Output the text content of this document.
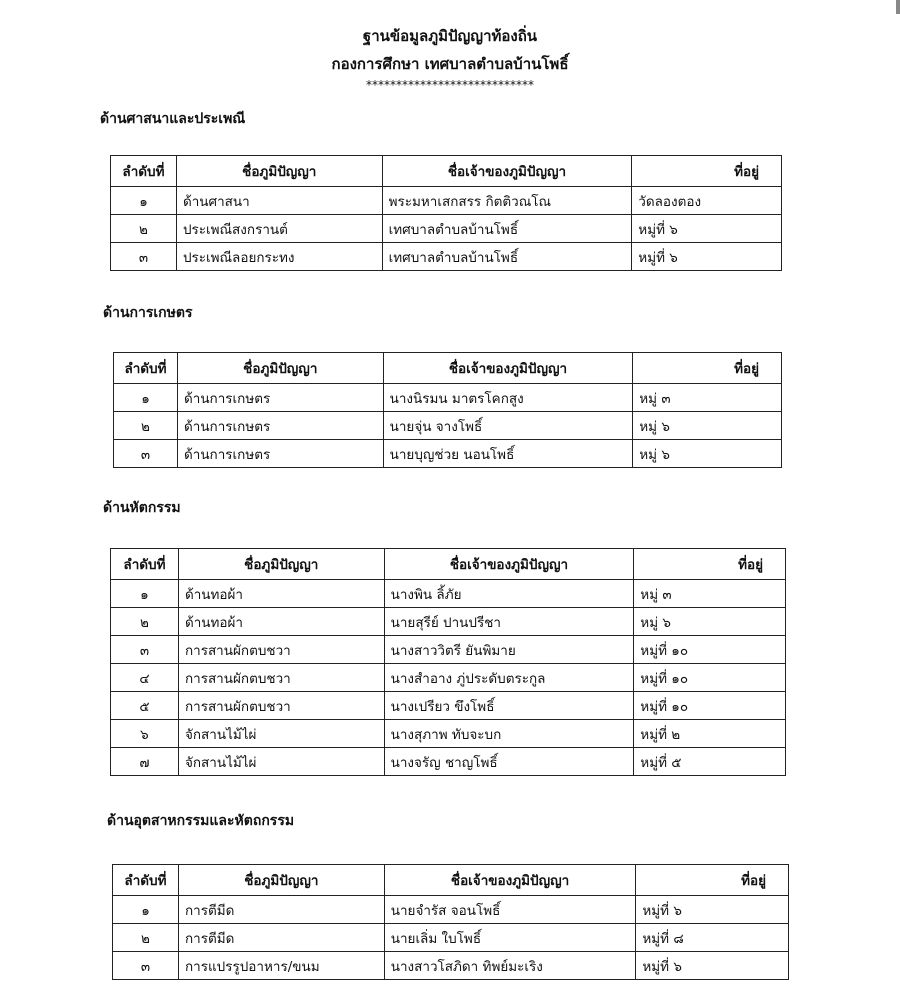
ฐานข้อมูลภูมิปัญญาท้องถิ่น
กองการศึกษา เทศบาลตำบลบ้านโพธิ์
****************************
ด้านศาสนาและประเพณี
ลำดับที่	ชื่อภูมิปัญญา	ชื่อเจ้าของภูมิปัญญา	ที่อยู่
๑	ด้านศาสนา	พระมหาเสกสรร กิตติวณโณ	วัดลองตอง
๒	ประเพณีสงกรานต์	เทศบาลตำบลบ้านโพธิ์	หมู่ที่ ๖
๓	ประเพณีลอยกระทง	เทศบาลตำบลบ้านโพธิ์	หมู่ที่ ๖
ด้านการเกษตร
ลำดับที่	ชื่อภูมิปัญญา	ชื่อเจ้าของภูมิปัญญา	ที่อยู่
๑	ด้านการเกษตร	นางนิรมน มาตรโคกสูง	หมู่ ๓
๒	ด้านการเกษตร	นายจุ่น จางโพธิ์	หมู่ ๖
๓	ด้านการเกษตร	นายบุญช่วย นอนโพธิ์	หมู่ ๖
ด้านหัตกรรม
ลำดับที่	ชื่อภูมิปัญญา	ชื่อเจ้าของภูมิปัญญา	ที่อยู่
๑	ด้านทอผ้า	นางพิน ลิ้ภัย	หมู่ ๓
๒	ด้านทอผ้า	นายสุรีย์ ปานปรีชา	หมู่ ๖
๓	การสานผักตบชวา	นางสาววิตรี ยันพิมาย	หมู่ที่ ๑๐
๔	การสานผักตบชวา	นางสำอาง ภู่ประดับตระกูล	หมู่ที่ ๑๐
๕	การสานผักตบชวา	นางเปรียว ขึงโพธิ์	หมู่ที่ ๑๐
๖	จักสานไม้ไผ่	นางสุภาพ ทับจะบก	หมู่ที่ ๒
๗	จักสานไม้ไผ่	นางจรัญ ชาญโพธิ์	หมู่ที่ ๕
ด้านอุตสาหกรรมและหัตถกรรม
ลำดับที่	ชื่อภูมิปัญญา	ชื่อเจ้าของภูมิปัญญา	ที่อยู่
๑	การตีมีด	นายจำรัส จอนโพธิ์	หมู่ที่ ๖
๒	การตีมีด	นายเลิ่ม ใบโพธิ์	หมู่ที่ ๘
๓	การแปรรูปอาหาร/ขนม	นางสาวโสภิดา ทิพย์มะเริง	หมู่ที่ ๖
